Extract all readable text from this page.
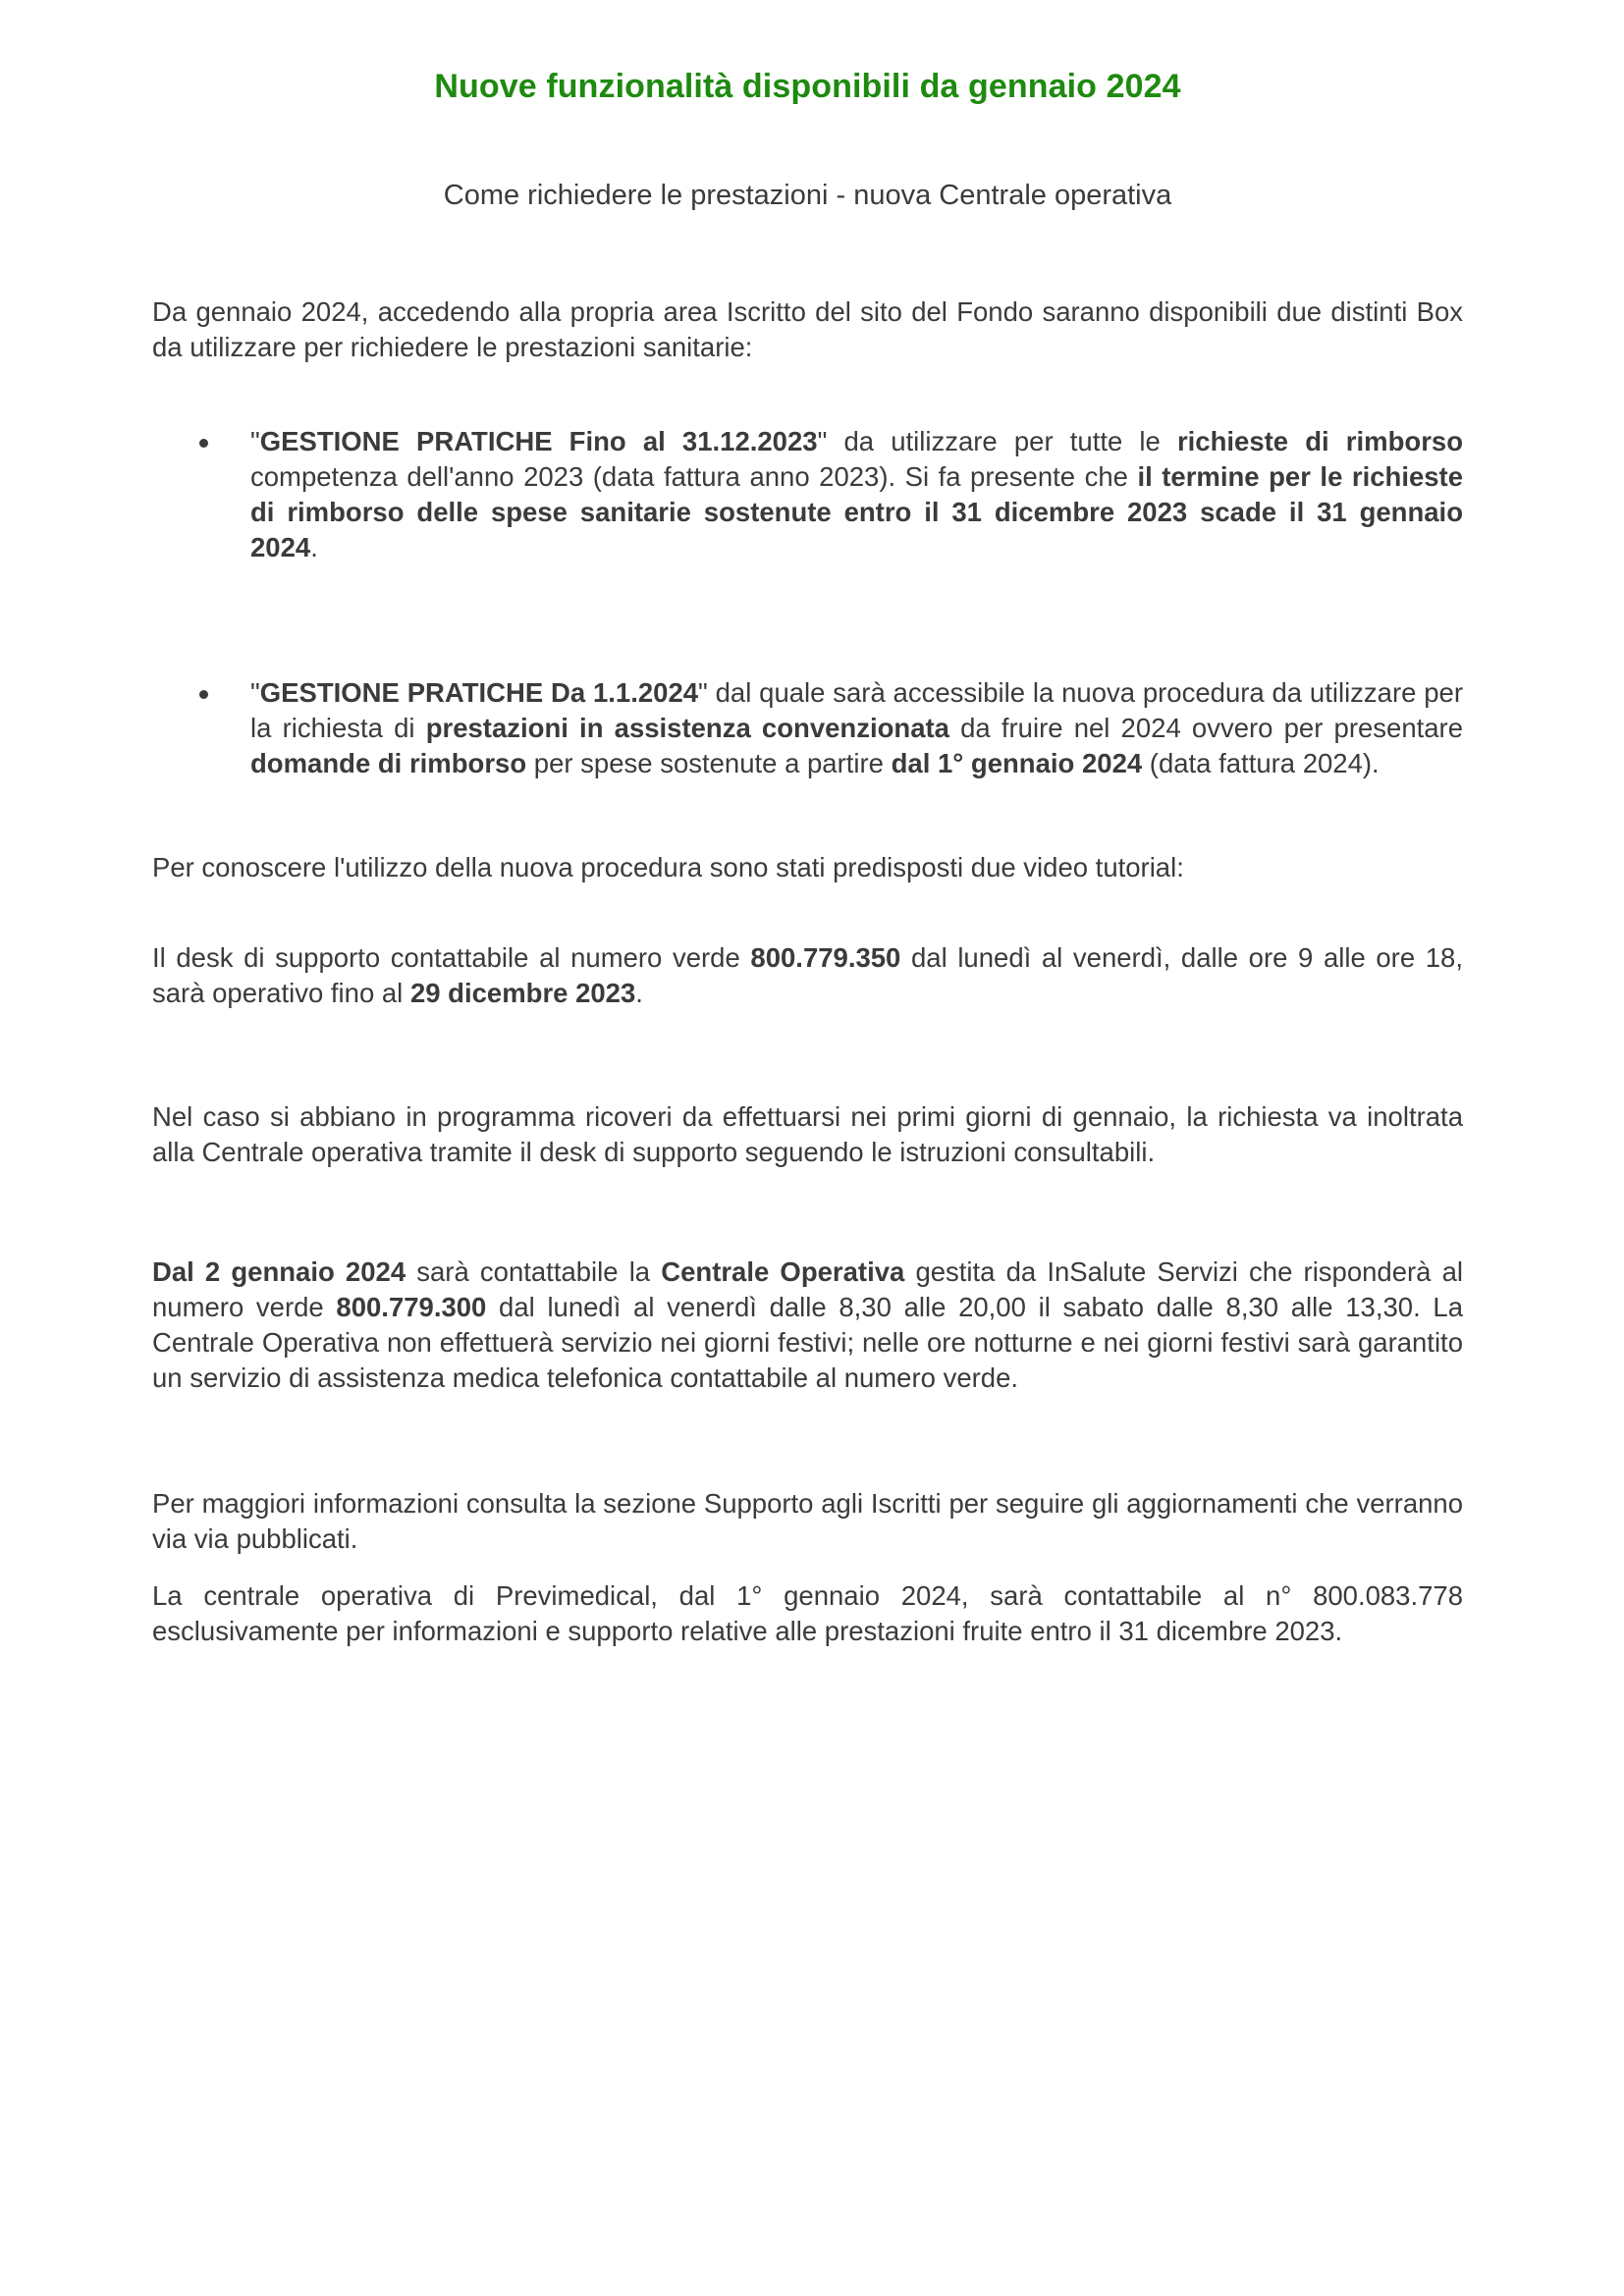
Nuove funzionalità disponibili da gennaio 2024
Come richiedere le prestazioni - nuova Centrale operativa

Da gennaio 2024, accedendo alla propria area Iscritto del sito del Fondo saranno disponibili due distinti Box da utilizzare per richiedere le prestazioni sanitarie:

"GESTIONE PRATICHE Fino al 31.12.2023" da utilizzare per tutte le richieste di rimborso competenza dell'anno 2023 (data fattura anno 2023). Si fa presente che il termine per le richieste di rimborso delle spese sanitarie sostenute entro il 31 dicembre 2023 scade il 31 gennaio 2024.
"GESTIONE PRATICHE Da 1.1.2024" dal quale sarà accessibile la nuova procedura da utilizzare per la richiesta di prestazioni in assistenza convenzionata da fruire nel 2024 ovvero per presentare domande di rimborso per spese sostenute a partire dal 1° gennaio 2024 (data fattura 2024).

Per conoscere l'utilizzo della nuova procedura sono stati predisposti due video tutorial:

Il desk di supporto contattabile al numero verde 800.779.350 dal lunedì al venerdì, dalle ore 9 alle ore 18, sarà operativo fino al 29 dicembre 2023.

Nel caso si abbiano in programma ricoveri da effettuarsi nei primi giorni di gennaio, la richiesta va inoltrata alla Centrale operativa tramite il desk di supporto seguendo le istruzioni consultabili.

Dal 2 gennaio 2024 sarà contattabile la Centrale Operativa gestita da InSalute Servizi che risponderà al numero verde 800.779.300 dal lunedì al venerdì dalle 8,30 alle 20,00 il sabato dalle 8,30 alle 13,30. La Centrale Operativa non effettuerà servizio nei giorni festivi; nelle ore notturne e nei giorni festivi sarà garantito un servizio di assistenza medica telefonica contattabile al numero verde.

Per maggiori informazioni consulta la sezione Supporto agli Iscritti per seguire gli aggiornamenti che verranno via via pubblicati.

La centrale operativa di Previmedical, dal 1° gennaio 2024, sarà contattabile al n° 800.083.778 esclusivamente per informazioni e supporto relative alle prestazioni fruite entro il 31 dicembre 2023.
